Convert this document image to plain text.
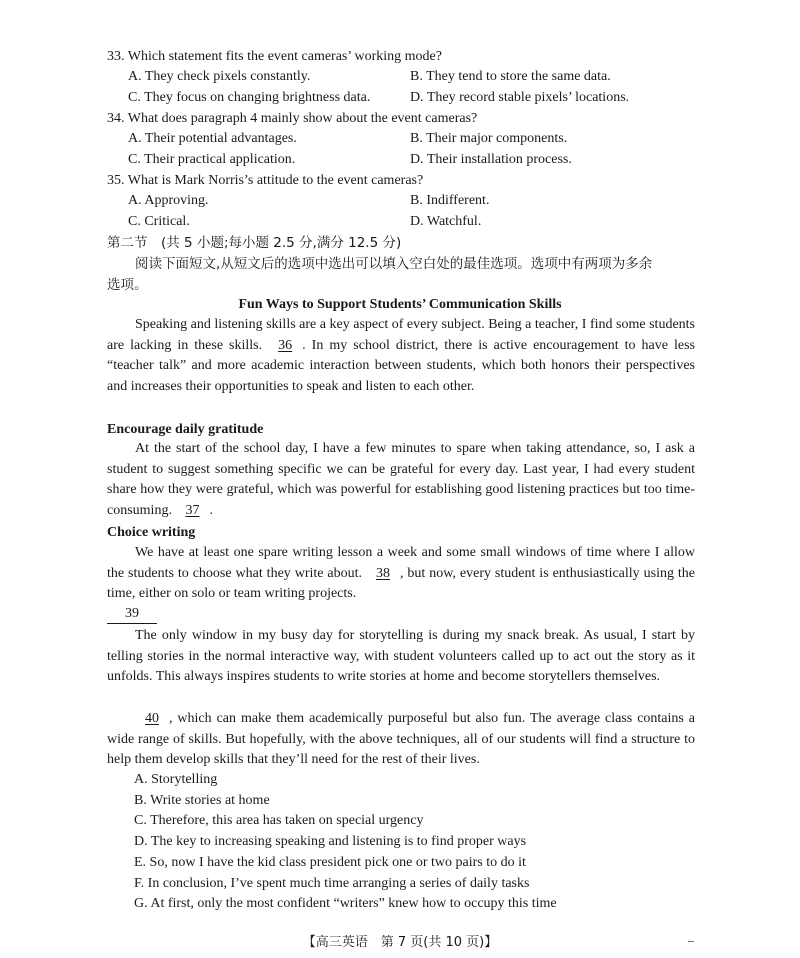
33. Which statement fits the event cameras’ working mode?
A. They check pixels constantly.	B. They tend to store the same data.
C. They focus on changing brightness data.	D. They record stable pixels’ locations.
34. What does paragraph 4 mainly show about the event cameras?
A. Their potential advantages.	B. Their major components.
C. Their practical application.	D. Their installation process.
35. What is Mark Norris’s attitude to the event cameras?
A. Approving.	B. Indifferent.
C. Critical.	D. Watchful.
第二节　(共 5 小题;每小题 2.5 分,满分 12.5 分)
阅读下面短文,从短文后的选项中选出可以填入空白处的最佳选项。选项中有两项为多余
选项。
Fun Ways to Support Students’ Communication Skills
Speaking and listening skills are a key aspect of every subject. Being a teacher, I find some students are lacking in these skills. 36 . In my school district, there is active encouragement to have less “teacher talk” and more academic interaction between students, which both honors their perspectives and increases their opportunities to speak and listen to each other.
Encourage daily gratitude
At the start of the school day, I have a few minutes to spare when taking attendance, so, I ask a student to suggest something specific we can be grateful for every day. Last year, I had every student share how they were grateful, which was powerful for establishing good listening practices but too time-consuming. 37 .
Choice writing
We have at least one spare writing lesson a week and some small windows of time where I allow the students to choose what they write about. 38 , but now, every student is enthusiastically using the time, either on solo or team writing projects.
39
The only window in my busy day for storytelling is during my snack break. As usual, I start by telling stories in the normal interactive way, with student volunteers called up to act out the story as it unfolds. This always inspires students to write stories at home and become storytellers themselves.
40 , which can make them academically purposeful but also fun. The average class contains a wide range of skills. But hopefully, with the above techniques, all of our students will find a structure to help them develop skills that they’ll need for the rest of their lives.
A. Storytelling
B. Write stories at home
C. Therefore, this area has taken on special urgency
D. The key to increasing speaking and listening is to find proper ways
E. So, now I have the kid class president pick one or two pairs to do it
F. In conclusion, I’ve spent much time arranging a series of daily tasks
G. At first, only the most confident “writers” knew how to occupy this time
【高三英语　第 7 页(共 10 页)】	–
